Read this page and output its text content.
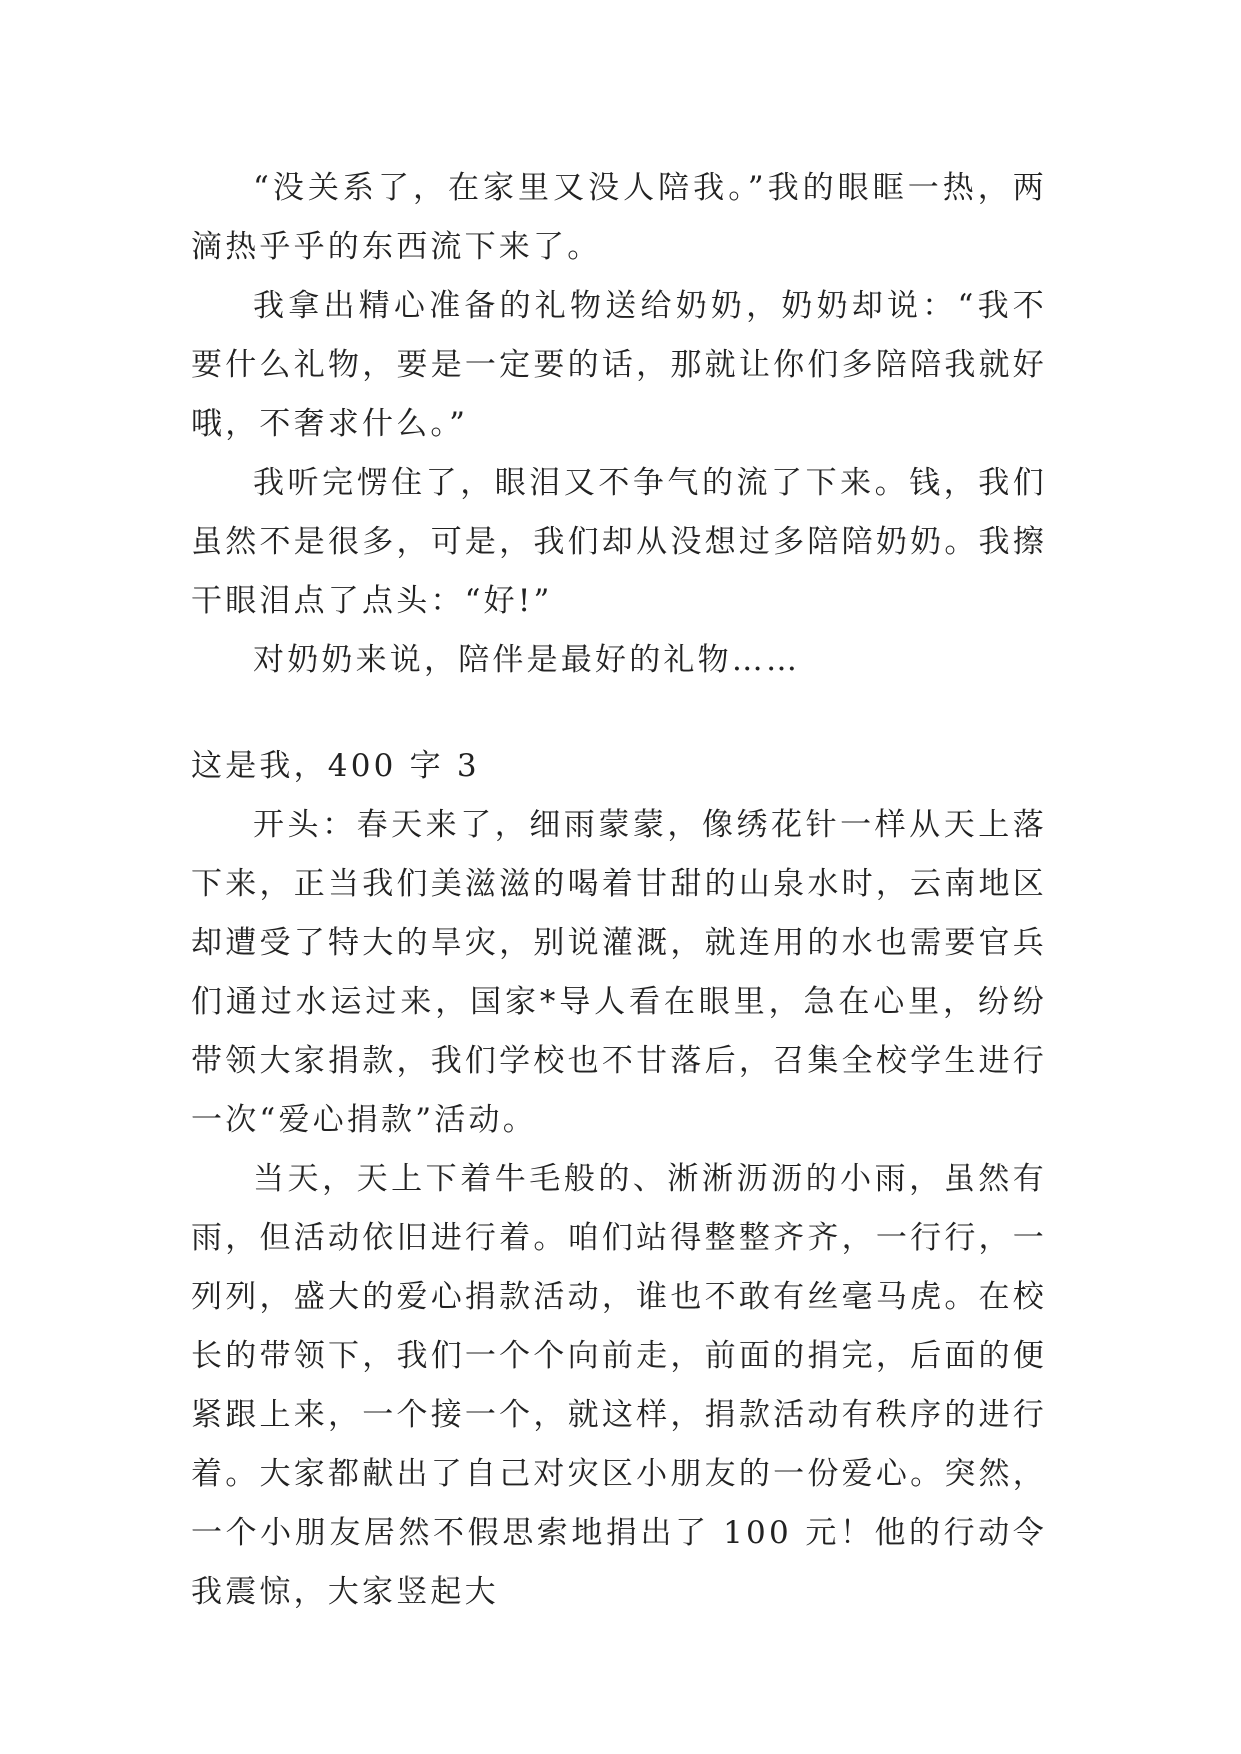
“没关系了，在家里又没人陪我。”我的眼眶一热，两滴热乎乎的东西流下来了。

我拿出精心准备的礼物送给奶奶，奶奶却说：“我不要什么礼物，要是一定要的话，那就让你们多陪陪我就好哦，不奢求什么。”

我听完愣住了，眼泪又不争气的流了下来。钱，我们虽然不是很多，可是，我们却从没想过多陪陪奶奶。我擦干眼泪点了点头：“好!”

对奶奶来说，陪伴是最好的礼物……

这是我，400 字 3

开头：春天来了，细雨蒙蒙，像绣花针一样从天上落下来，正当我们美滋滋的喝着甘甜的山泉水时，云南地区却遭受了特大的旱灾，别说灌溉，就连用的水也需要官兵们通过水运过来，国家*导人看在眼里，急在心里，纷纷带领大家捐款，我们学校也不甘落后，召集全校学生进行一次“爱心捐款”活动。

当天，天上下着牛毛般的、淅淅沥沥的小雨，虽然有雨，但活动依旧进行着。咱们站得整整齐齐，一行行，一列列，盛大的爱心捐款活动，谁也不敢有丝毫马虎。在校长的带领下，我们一个个向前走，前面的捐完，后面的便紧跟上来，一个接一个，就这样，捐款活动有秩序的进行着。大家都献出了自己对灾区小朋友的一份爱心。突然，一个小朋友居然不假思索地捐出了 100 元！他的行动令我震惊，大家竖起大
